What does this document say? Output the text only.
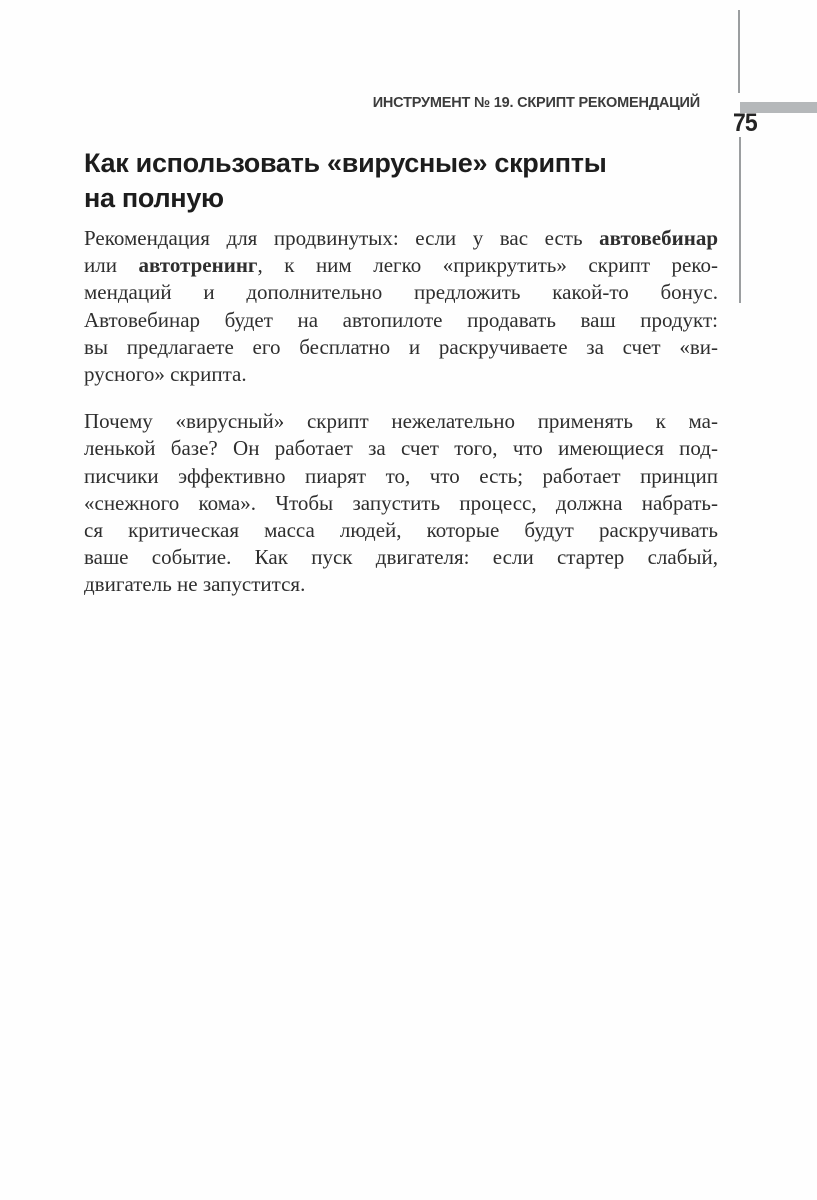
ИНСТРУМЕНТ № 19. СКРИПТ РЕКОМЕНДАЦИЙ
75
Как использовать «вирусные» скрипты
на полную
Рекомендация для продвинутых: если у вас есть автовебинар
или автотренинг, к ним легко «прикрутить» скрипт реко-
мендаций и дополнительно предложить какой-то бонус.
Автовебинар будет на автопилоте продавать ваш продукт:
вы предлагаете его бесплатно и раскручиваете за счет «ви-
русного» скрипта.
Почему «вирусный» скрипт нежелательно применять к ма-
ленькой базе? Он работает за счет того, что имеющиеся под-
писчики эффективно пиарят то, что есть; работает принцип
«снежного кома». Чтобы запустить процесс, должна набрать-
ся критическая масса людей, которые будут раскручивать
ваше событие. Как пуск двигателя: если стартер слабый,
двигатель не запустится.
